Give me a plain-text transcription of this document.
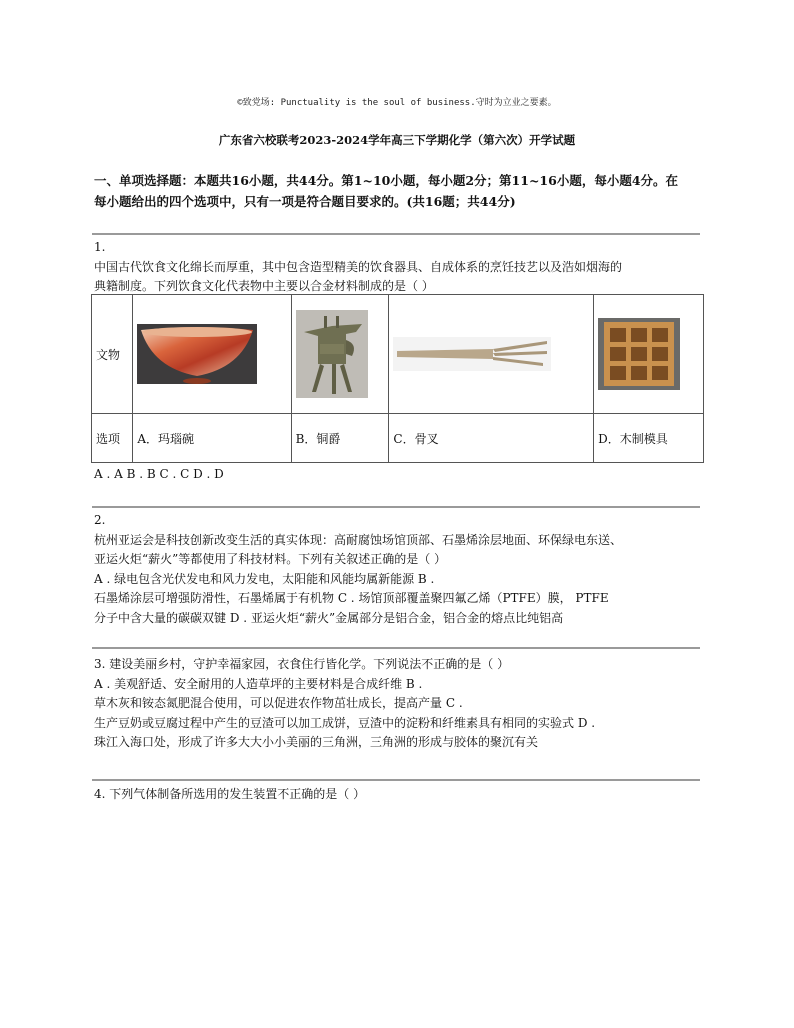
©致党场: Punctuality is the soul of business.守时为立业之要素。
广东省六校联考2023-2024学年高三下学期化学（第六次）开学试题
一、单项选择题：本题共16小题，共44分。第1~10小题，每小题2分；第11~16小题，每小题4分。在
每小题给出的四个选项中，只有一项是符合题目要求的。(共16题；共44分)

1.

中国古代饮食文化绵长而厚重，其中包含造型精美的饮食器具、自成体系的烹饪技艺以及浩如烟海的

典籍制度。下列饮食文化代表物中主要以合金材料制成的是（ ）

文物	

选项	A．玛瑙碗	B．铜爵	C．骨叉	D．木制模具

A . A B . B C . C D . D

2.

杭州亚运会是科技创新改变生活的真实体现：高耐腐蚀场馆顶部、石墨烯涂层地面、环保绿电东送、

亚运火炬“薪火”等都使用了科技材料。下列有关叙述正确的是（ ）

A . 绿电包含光伏发电和风力发电，太阳能和风能均属新能源 B .

石墨烯涂层可增强防滑性，石墨烯属于有机物 C . 场馆顶部覆盖聚四氟乙烯（PTFE）膜， PTFE

分子中含大量的碳碳双键 D . 亚运火炬“薪火”金属部分是铝合金，铝合金的熔点比纯铝高

3. 建设美丽乡村，守护幸福家园，衣食住行皆化学。下列说法不正确的是（ ）

A . 美观舒适、安全耐用的人造草坪的主要材料是合成纤维 B .

草木灰和铵态氮肥混合使用，可以促进农作物茁壮成长，提高产量 C .

生产豆奶或豆腐过程中产生的豆渣可以加工成饼，豆渣中的淀粉和纤维素具有相同的实验式 D .

珠江入海口处，形成了许多大大小小美丽的三角洲，三角洲的形成与胶体的聚沉有关

4. 下列气体制备所选用的发生装置不正确的是（ ）
